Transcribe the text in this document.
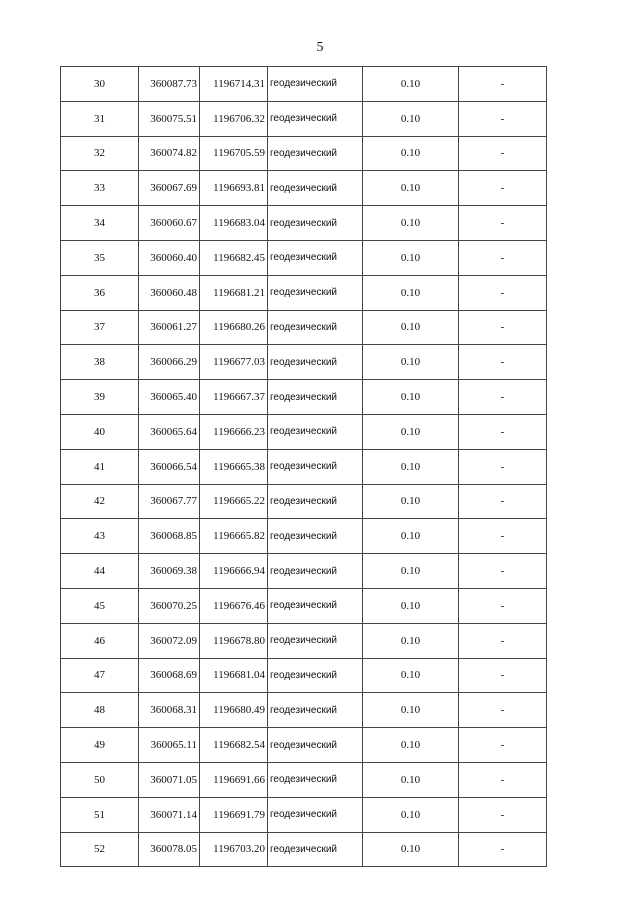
5
30	360087.73	1196714.31	геодезический	0.10	-
31	360075.51	1196706.32	геодезический	0.10	-
32	360074.82	1196705.59	геодезический	0.10	-
33	360067.69	1196693.81	геодезический	0.10	-
34	360060.67	1196683.04	геодезический	0.10	-
35	360060.40	1196682.45	геодезический	0.10	-
36	360060.48	1196681.21	геодезический	0.10	-
37	360061.27	1196680.26	геодезический	0.10	-
38	360066.29	1196677.03	геодезический	0.10	-
39	360065.40	1196667.37	геодезический	0.10	-
40	360065.64	1196666.23	геодезический	0.10	-
41	360066.54	1196665.38	геодезический	0.10	-
42	360067.77	1196665.22	геодезический	0.10	-
43	360068.85	1196665.82	геодезический	0.10	-
44	360069.38	1196666.94	геодезический	0.10	-
45	360070.25	1196676.46	геодезический	0.10	-
46	360072.09	1196678.80	геодезический	0.10	-
47	360068.69	1196681.04	геодезический	0.10	-
48	360068.31	1196680.49	геодезический	0.10	-
49	360065.11	1196682.54	геодезический	0.10	-
50	360071.05	1196691.66	геодезический	0.10	-
51	360071.14	1196691.79	геодезический	0.10	-
52	360078.05	1196703.20	геодезический	0.10	-
